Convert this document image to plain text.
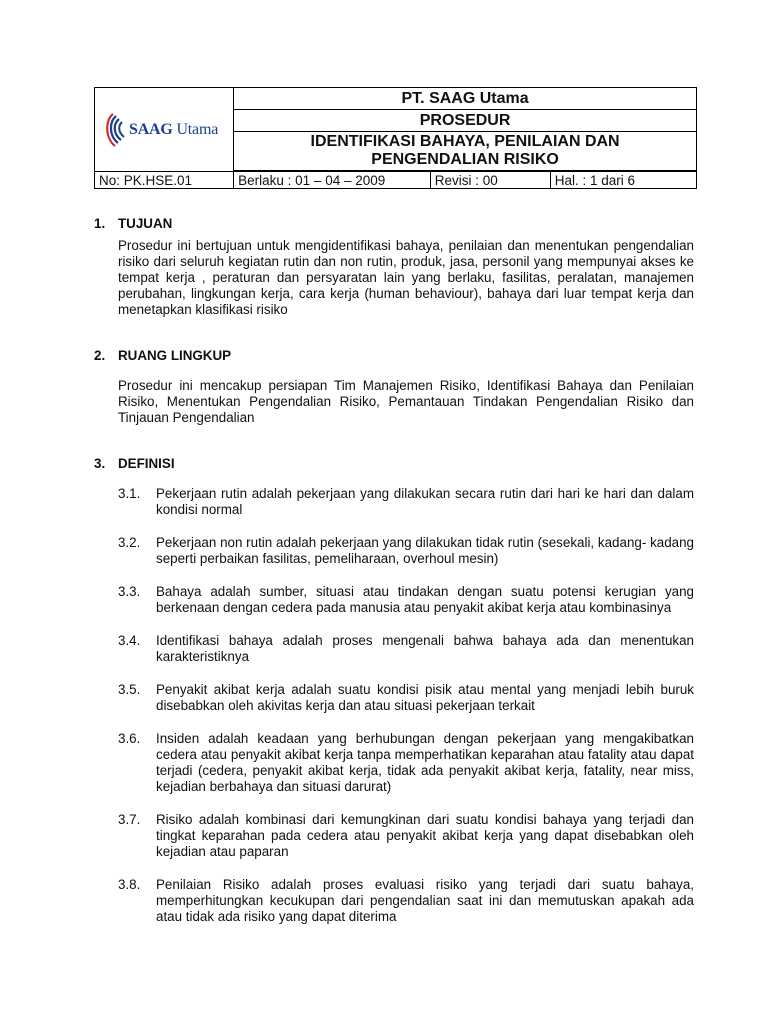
SAAG Utama	PT. SAAG Utama		
	PROSEDUR		

	IDENTIFIKASI BAHAYA, PENILAIAN DAN
PENGENDALIAN RISIKO		

No: PK.HSE.01	Berlaku : 01 – 04 – 2009	Revisi : 00	Hal. : 1 dari 6
1. TUJUAN
Prosedur ini bertujuan untuk mengidentifikasi bahaya, penilaian dan menentukan pengendalian risiko dari seluruh kegiatan rutin dan non rutin, produk, jasa, personil yang mempunyai akses ke tempat kerja , peraturan dan persyaratan lain yang berlaku, fasilitas, peralatan, manajemen perubahan, lingkungan kerja, cara kerja (human behaviour), bahaya dari luar tempat kerja dan menetapkan klasifikasi risiko
2. RUANG LINGKUP
Prosedur ini mencakup persiapan Tim Manajemen Risiko, Identifikasi Bahaya dan Penilaian Risiko, Menentukan Pengendalian Risiko, Pemantauan Tindakan Pengendalian Risiko dan Tinjauan Pengendalian
3. DEFINISI
3.1.	Pekerjaan rutin adalah pekerjaan yang dilakukan secara rutin dari hari ke hari dan dalam kondisi normal
3.2.	Pekerjaan non rutin adalah pekerjaan yang dilakukan tidak rutin (sesekali, kadang- kadang seperti perbaikan fasilitas, pemeliharaan, overhoul mesin)
3.3.	Bahaya adalah sumber, situasi atau tindakan dengan suatu potensi kerugian yang berkenaan dengan cedera pada manusia atau penyakit akibat kerja atau kombinasinya
3.4.	Identifikasi bahaya adalah proses mengenali bahwa bahaya ada dan menentukan karakteristiknya
3.5.	Penyakit akibat kerja adalah suatu kondisi pisik atau mental yang menjadi lebih buruk disebabkan oleh akivitas kerja dan atau situasi pekerjaan terkait
3.6.	Insiden adalah keadaan yang berhubungan dengan pekerjaan yang mengakibatkan cedera atau penyakit akibat kerja tanpa memperhatikan keparahan atau fatality atau dapat terjadi (cedera, penyakit akibat kerja, tidak ada penyakit akibat kerja, fatality, near miss, kejadian berbahaya dan situasi darurat)
3.7.	Risiko adalah kombinasi dari kemungkinan dari suatu kondisi bahaya yang terjadi dan tingkat keparahan pada cedera atau penyakit akibat kerja yang dapat disebabkan oleh kejadian atau paparan
3.8.	Penilaian Risiko adalah proses evaluasi risiko yang terjadi dari suatu bahaya, memperhitungkan kecukupan dari pengendalian saat ini dan memutuskan apakah ada atau tidak ada risiko yang dapat diterima
